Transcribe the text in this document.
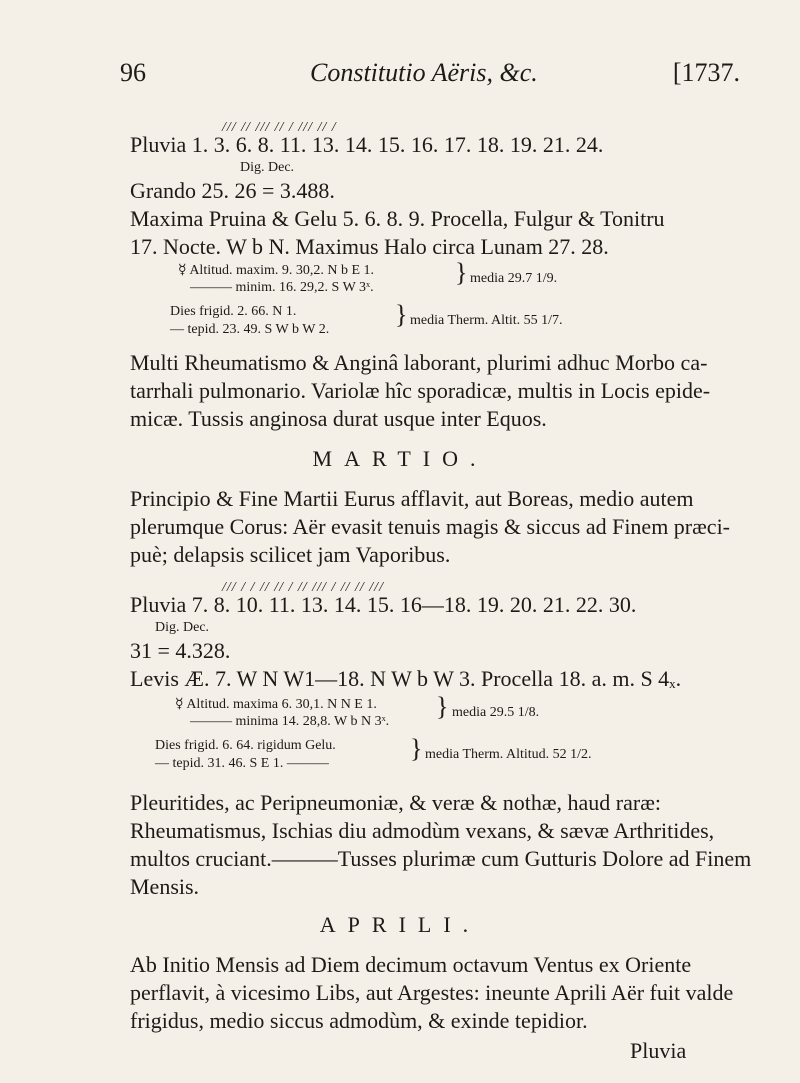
96	Constitutio Aëris, &c.	[1737.
/// // /// // / /// // /
Pluvia 1. 3. 6. 8. 11. 13. 14. 15. 16. 17. 18. 19. 21. 24.
Dig. Dec.
Grando 25. 26 = 3.488.
Maxima Pruina & Gelu 5. 6. 8. 9. Procella, Fulgur & Tonitru
17. Nocte. W b N. Maximus Halo circa Lunam 27. 28.
☿ Altitud. maxim. 9. 30,2. N b E 1.
——— minim. 16. 29,2. S W 3ˣ.
} media 29.7 1/9.
Dies frigid. 2. 66. N 1.
— tepid. 23. 49. S W b W 2.
} media Therm. Altit. 55 1/7.
Multi Rheumatismo & Anginâ laborant, plurimi adhuc Morbo ca-
tarrhali pulmonario. Variolæ hîc sporadicæ, multis in Locis epide-
micæ. Tussis anginosa durat usque inter Equos.
MARTIO.
Principio & Fine Martii Eurus afflavit, aut Boreas, medio autem
plerumque Corus: Aër evasit tenuis magis & siccus ad Finem præci-
puè; delapsis scilicet jam Vaporibus.
/// / / // // / // /// / // // ///
Pluvia 7. 8. 10. 11. 13. 14. 15. 16—18. 19. 20. 21. 22. 30.
Dig. Dec.
31 = 4.328.
Levis Æ. 7. W N W1—18. N W b W 3. Procella 18. a. m. S 4ₓ.
☿ Altitud. maxima 6. 30,1. N N E 1.
——— minima 14. 28,8. W b N 3ˣ.
} media 29.5 1/8.
Dies frigid. 6. 64. rigidum Gelu.
— tepid. 31. 46. S E 1. ———
} media Therm. Altitud. 52 1/2.
Pleuritides, ac Peripneumoniæ, & veræ & nothæ, haud raræ:
Rheumatismus, Ischias diu admodùm vexans, & sævæ Arthritides,
multos cruciant.———Tusses plurimæ cum Gutturis Dolore ad Finem
Mensis.
APRILI.
Ab Initio Mensis ad Diem decimum octavum Ventus ex Oriente
perflavit, à vicesimo Libs, aut Argestes: ineunte Aprili Aër fuit valde
frigidus, medio siccus admodùm, & exinde tepidior.
Pluvia
